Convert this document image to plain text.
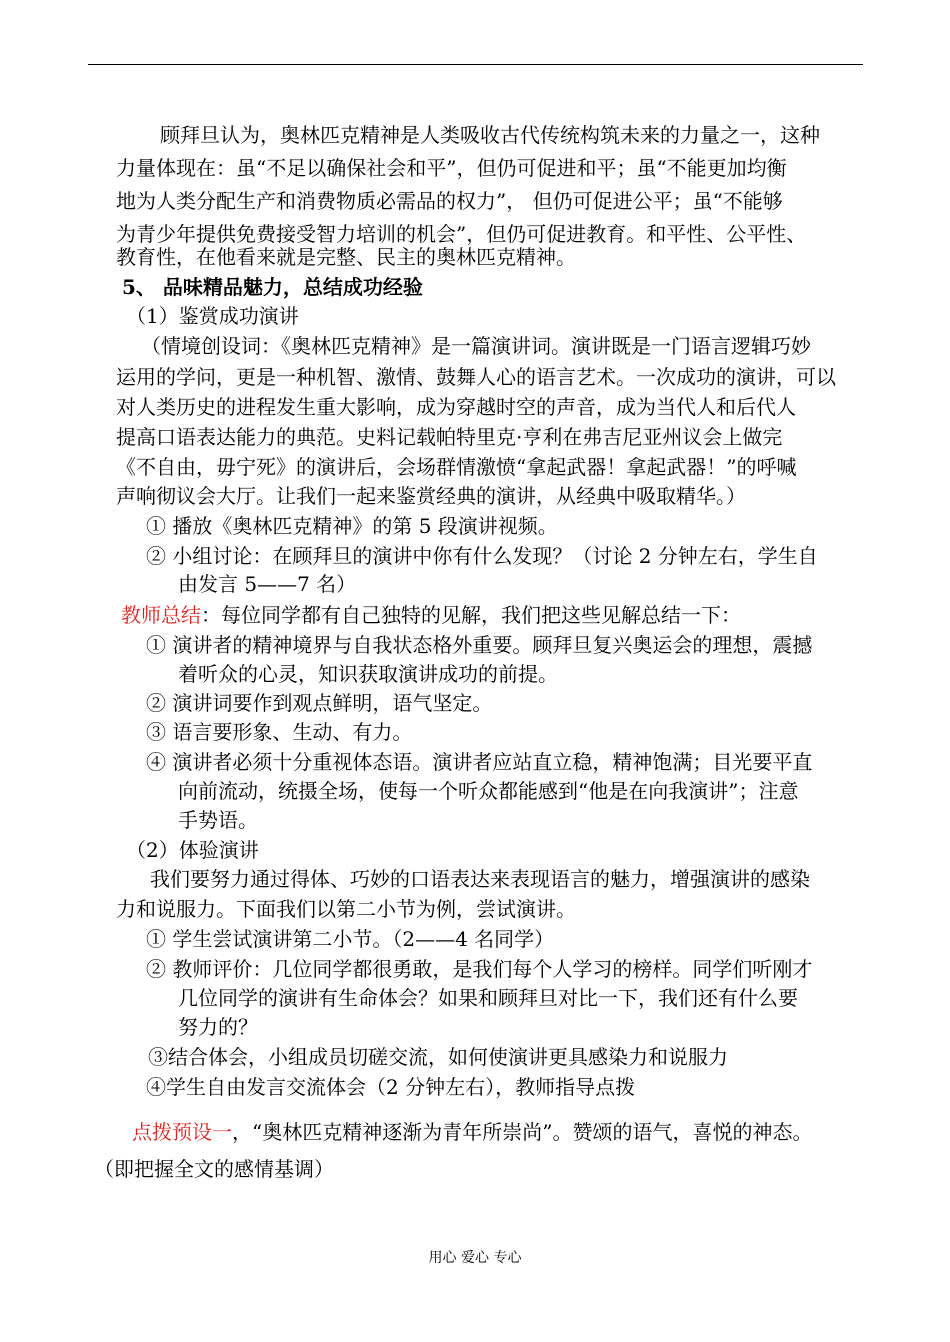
顾拜旦认为，奥林匹克精神是人类吸收古代传统构筑未来的力量之一，这种
力量体现在：虽“不足以确保社会和平”，但仍可促进和平；虽“不能更加均衡
地为人类分配生产和消费物质必需品的权力”， 但仍可促进公平；虽“不能够
为青少年提供免费接受智力培训的机会”，但仍可促进教育。和平性、公平性、
教育性，在他看来就是完整、民主的奥林匹克精神。
5、 品味精品魅力，总结成功经验
（1）鉴赏成功演讲
（情境创设词：《奥林匹克精神》是一篇演讲词。演讲既是一门语言逻辑巧妙
运用的学问，更是一种机智、激情、鼓舞人心的语言艺术。一次成功的演讲，可以
对人类历史的进程发生重大影响，成为穿越时空的声音，成为当代人和后代人
提高口语表达能力的典范。史料记载帕特里克·亨利在弗吉尼亚州议会上做完
《不自由，毋宁死》的演讲后，会场群情激愤“拿起武器！拿起武器！”的呼喊
声响彻议会大厅。让我们一起来鉴赏经典的演讲，从经典中吸取精华。）
① 播放《奥林匹克精神》的第 5 段演讲视频。
② 小组讨论：在顾拜旦的演讲中你有什么发现？（讨论 2 分钟左右，学生自
由发言 5——7 名）
教师总结：每位同学都有自己独特的见解，我们把这些见解总结一下：
① 演讲者的精神境界与自我状态格外重要。顾拜旦复兴奥运会的理想，震撼
着听众的心灵，知识获取演讲成功的前提。
② 演讲词要作到观点鲜明，语气坚定。
③ 语言要形象、生动、有力。
④ 演讲者必须十分重视体态语。演讲者应站直立稳，精神饱满；目光要平直
向前流动，统摄全场，使每一个听众都能感到“他是在向我演讲”；注意
手势语。
（2）体验演讲
我们要努力通过得体、巧妙的口语表达来表现语言的魅力，增强演讲的感染
力和说服力。下面我们以第二小节为例，尝试演讲。
① 学生尝试演讲第二小节。（2——4 名同学）
② 教师评价：几位同学都很勇敢，是我们每个人学习的榜样。同学们听刚才
几位同学的演讲有生命体会？如果和顾拜旦对比一下，我们还有什么要
努力的？
③结合体会，小组成员切磋交流，如何使演讲更具感染力和说服力
④学生自由发言交流体会（2 分钟左右），教师指导点拨
点拨预设一，“奥林匹克精神逐渐为青年所崇尚”。赞颂的语气，喜悦的神态。
（即把握全文的感情基调）
用心 爱心 专心
